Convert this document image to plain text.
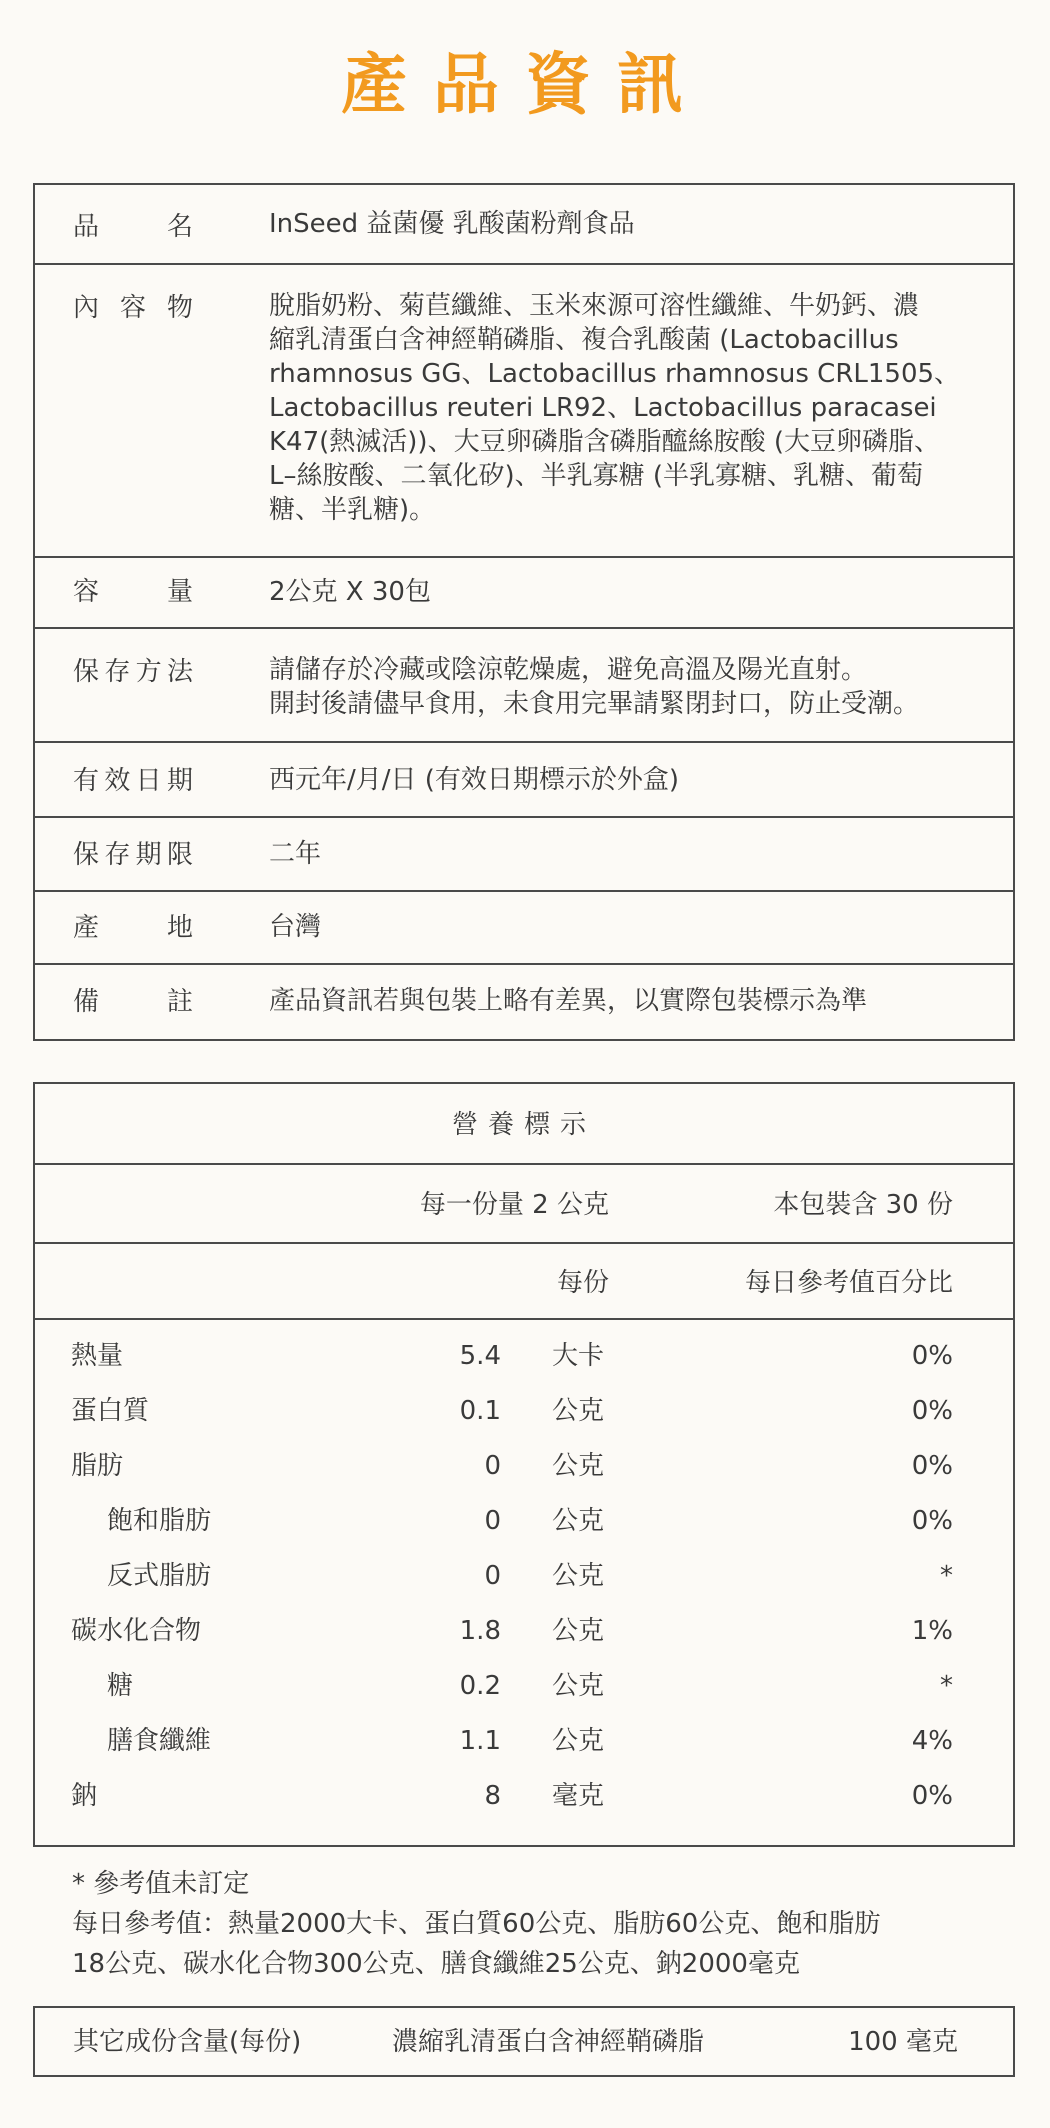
產品資訊
品	名	InSeed 益菌優 乳酸菌粉劑食品
內 容 物	脫脂奶粉、菊苣纖維、玉米來源可溶性纖維、牛奶鈣、濃
縮乳清蛋白含神經鞘磷脂、複合乳酸菌 (Lactobacillus
rhamnosus GG、Lactobacillus rhamnosus CRL1505、
Lactobacillus reuteri LR92、Lactobacillus paracasei
K47(熱滅活))、大豆卵磷脂含磷脂醯絲胺酸 (大豆卵磷脂、
L–絲胺酸、二氧化矽)、半乳寡糖 (半乳寡糖、乳糖、葡萄
糖、半乳糖)。
容	量	2公克 X 30包
保 存 方 法	請儲存於冷藏或陰涼乾燥處，避免高溫及陽光直射。
開封後請儘早食用，未食用完畢請緊閉封口，防止受潮。
有 效 日 期	西元年/月/日 (有效日期標示於外盒)
保 存 期 限	二年
產	地	台灣
備	註	產品資訊若與包裝上略有差異，以實際包裝標示為準
營養標示
每一份量 2 公克	本包裝含 30 份
每份	每日參考值百分比
熱量	5.4 大卡	0%
蛋白質	0.1 公克	0%
脂肪	0 公克	0%
飽和脂肪	0 公克	0%
反式脂肪	0 公克	*
碳水化合物	1.8 公克	1%
糖	0.2 公克	*
膳食纖維	1.1 公克	4%
鈉	8 毫克	0%
* 參考值未訂定
每日參考值：熱量2000大卡、蛋白質60公克、脂肪60公克、飽和脂肪
18公克、碳水化合物300公克、膳食纖維25公克、鈉2000毫克
其它成份含量(每份)	濃縮乳清蛋白含神經鞘磷脂	100 毫克
